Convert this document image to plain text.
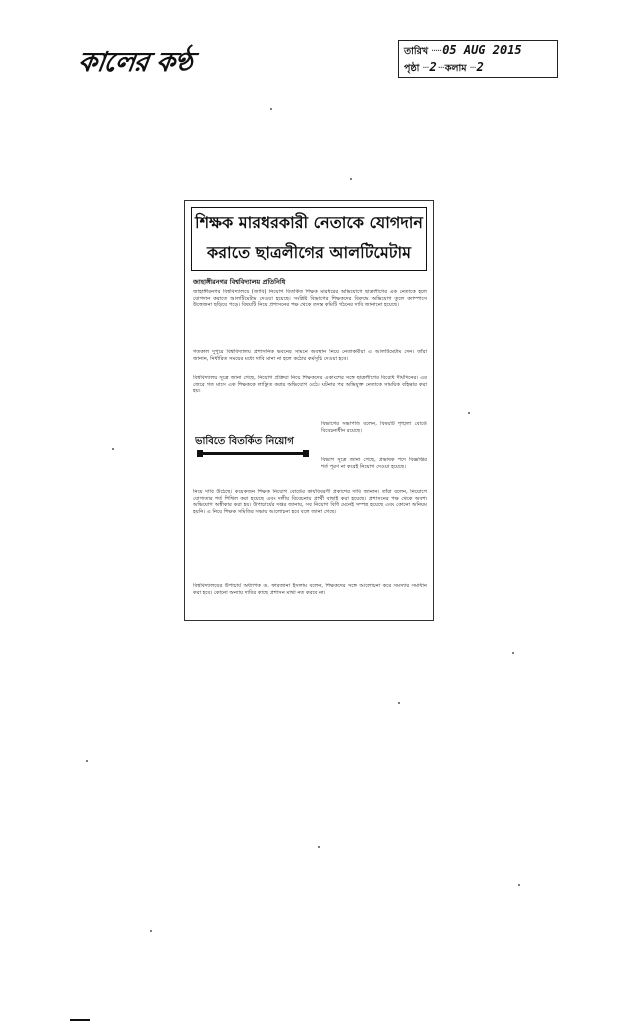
কালের কণ্ঠ	তারিখ ····· 05 AUG 2015
পৃষ্ঠা ··· 2 ··· কলাম ··· 2
শিক্ষক মারধরকারী নেতাকে যোগদান
করাতে ছাত্রলীগের আলটিমেটাম
জাহাঙ্গীরনগর বিশ্ববিদ্যালয় প্রতিনিধি
জাহাঙ্গীরনগর বিশ্ববিদ্যালয়ে (জাবি) নিয়োগ বিতর্কিত শিক্ষক মারধরের অভিযোগে ছাত্রলীগের এক নেতাকে হলে যোগদান করাতে আলটিমেটাম দেওয়া হয়েছে। সংশ্লিষ্ট বিভাগের শিক্ষকদের বিরুদ্ধে অভিযোগ তুলে ক্যাম্পাসে উত্তেজনা ছড়িয়ে পড়ে। বিষয়টি নিয়ে প্রশাসনের পক্ষ থেকে তদন্ত কমিটি গঠনের দাবি জানানো হয়েছে।
গতকাল দুপুরে বিশ্ববিদ্যালয় প্রশাসনিক ভবনের সামনে অবস্থান নিয়ে নেতাকর্মীরা এ আলটিমেটাম দেন। তাঁরা জানান, নির্ধারিত সময়ের মধ্যে দাবি মানা না হলে কঠোর কর্মসূচি দেওয়া হবে।
বিশ্ববিদ্যালয় সূত্রে জানা গেছে, নিয়োগ প্রক্রিয়া নিয়ে শিক্ষকদের একাংশের সঙ্গে ছাত্রলীগের বিরোধ দীর্ঘদিনের। এর জেরে গত মাসে এক শিক্ষককে লাঞ্ছিত করার অভিযোগ ওঠে। ঘটনার পর অভিযুক্ত নেতাকে সাময়িক বহিষ্কার করা হয়।
বিভাগের সভাপতি বলেন, বিষয়টি শৃঙ্খলা বোর্ডে বিবেচনাধীন রয়েছে।
ভাবিতে বিতর্কিত নিয়োগ
বিভাগ সূত্রে জানা গেছে, প্রভাষক পদে বিজ্ঞপ্তির শর্ত পূরণ না করেই নিয়োগ দেওয়া হয়েছে।
নিয়ে দাবি উঠেছে। কয়েকজন শিক্ষক নিয়োগ বোর্ডের কার্যবিবরণী প্রকাশের দাবি জানান। তাঁরা বলেন, নিয়োগে যোগ্যতার শর্ত শিথিল করা হয়েছে এবং দলীয় বিবেচনায় প্রার্থী বাছাই করা হয়েছে। প্রশাসনের পক্ষ থেকে অবশ্য অভিযোগ অস্বীকার করা হয়। উপাচার্যের দপ্তর জানায়, সব নিয়োগ বিধি মেনেই সম্পন্ন হয়েছে এবং কোনো অনিয়ম হয়নি। এ নিয়ে শিক্ষক সমিতির সভায় আলোচনা হবে বলে জানা গেছে।
বিশ্ববিদ্যালয়ের উপাচার্য অধ্যাপক ড. ফারজানা ইসলাম বলেন, শিক্ষকদের সঙ্গে আলোচনা করে সমস্যার সমাধান করা হবে। কোনো অন্যায় দাবির কাছে প্রশাসন মাথা নত করবে না।
